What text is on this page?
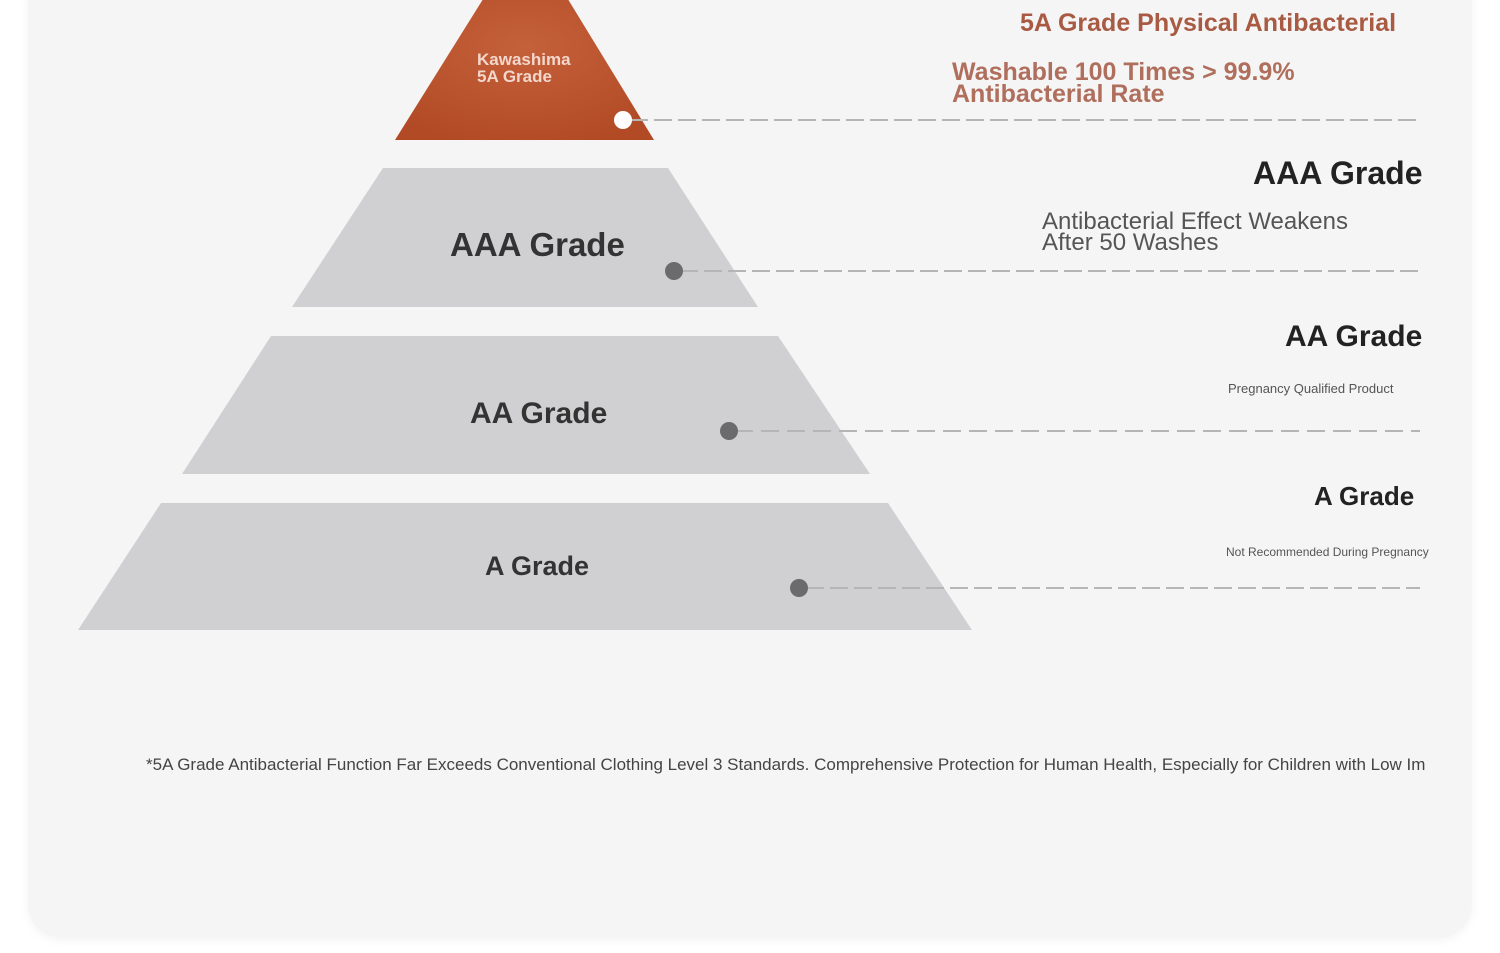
Kawashima
5A Grade
AAA Grade
AA Grade
A Grade
5A Grade Physical Antibacterial
Washable 100 Times > 99.9%
Antibacterial Rate
AAA Grade
Antibacterial Effect Weakens
After 50 Washes
AA Grade
Pregnancy Qualified Product
A Grade
Not Recommended During Pregnancy
*5A Grade Antibacterial Function Far Exceeds Conventional Clothing Level 3 Standards. Comprehensive Protection for Human Health, Especially for Children with Low Im
